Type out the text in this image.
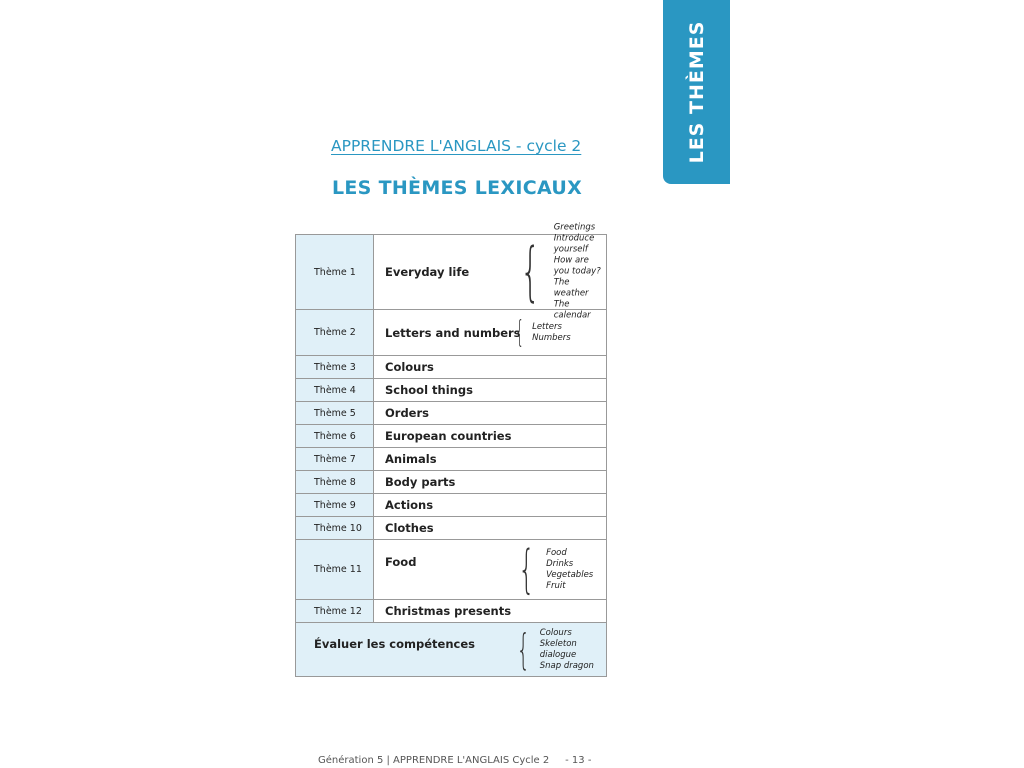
LES THÈMES
APPRENDRE L'ANGLAIS - cycle 2
LES THÈMES LEXICAUX
Thème 1	Everyday life {
Greetings
Introduce yourself
How are you today?
The weather
The calendar

Thème 2	Letters and numbers
{ Letters
Numbers

Thème 3	Colours
Thème 4	School things
Thème 5	Orders
Thème 6	European countries
Thème 7	Animals
Thème 8	Body parts
Thème 9	Actions
Thème 10	Clothes
Thème 11	Food { Food
Drinks
Vegetables
Fruit

Thème 12	Christmas presents
Évaluer les compétences { Colours
Skeleton dialogue
Snap dragon	
Génération 5 | APPRENDRE L'ANGLAIS Cycle 2 - 13 -
